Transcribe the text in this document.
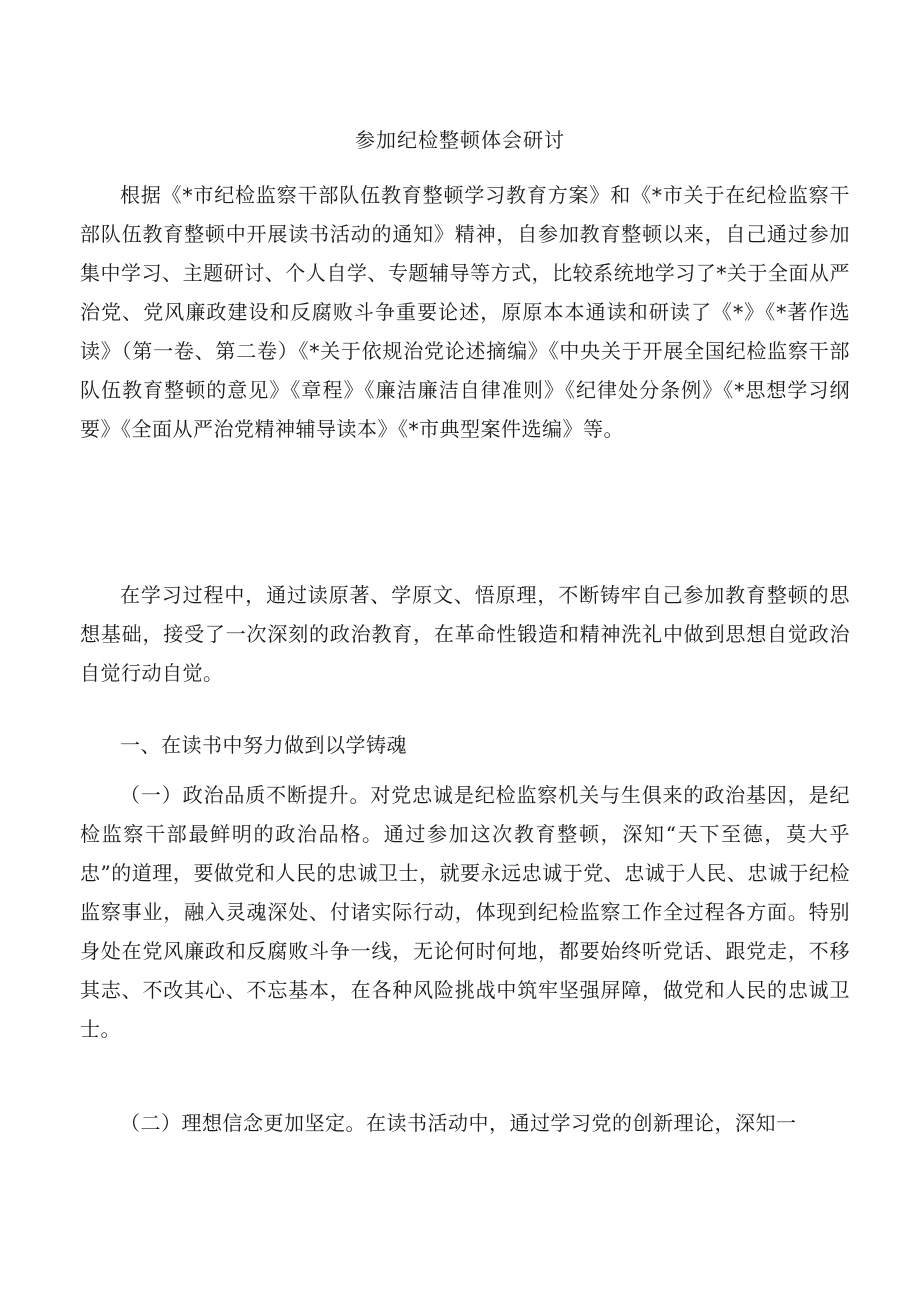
参加纪检整顿体会研讨
根据《*市纪检监察干部队伍教育整顿学习教育方案》和《*市关于在纪检监察干部队伍教育整顿中开展读书活动的通知》精神，自参加教育整顿以来，自己通过参加集中学习、主题研讨、个人自学、专题辅导等方式，比较系统地学习了*关于全面从严治党、党风廉政建设和反腐败斗争重要论述，原原本本通读和研读了《*》《*著作选读》（第一卷、第二卷）《*关于依规治党论述摘编》《中央关于开展全国纪检监察干部队伍教育整顿的意见》《章程》《廉洁廉洁自律准则》《纪律处分条例》《*思想学习纲要》《全面从严治党精神辅导读本》《*市典型案件选编》等。
在学习过程中，通过读原著、学原文、悟原理，不断铸牢自己参加教育整顿的思想基础，接受了一次深刻的政治教育，在革命性锻造和精神洗礼中做到思想自觉政治自觉行动自觉。
一、在读书中努力做到以学铸魂
（一）政治品质不断提升。对党忠诚是纪检监察机关与生俱来的政治基因，是纪检监察干部最鲜明的政治品格。通过参加这次教育整顿，深知“天下至德，莫大乎忠”的道理，要做党和人民的忠诚卫士，就要永远忠诚于党、忠诚于人民、忠诚于纪检监察事业，融入灵魂深处、付诸实际行动，体现到纪检监察工作全过程各方面。特别身处在党风廉政和反腐败斗争一线，无论何时何地，都要始终听党话、跟党走，不移其志、不改其心、不忘基本，在各种风险挑战中筑牢坚强屏障，做党和人民的忠诚卫士。
（二）理想信念更加坚定。在读书活动中，通过学习党的创新理论，深知一
